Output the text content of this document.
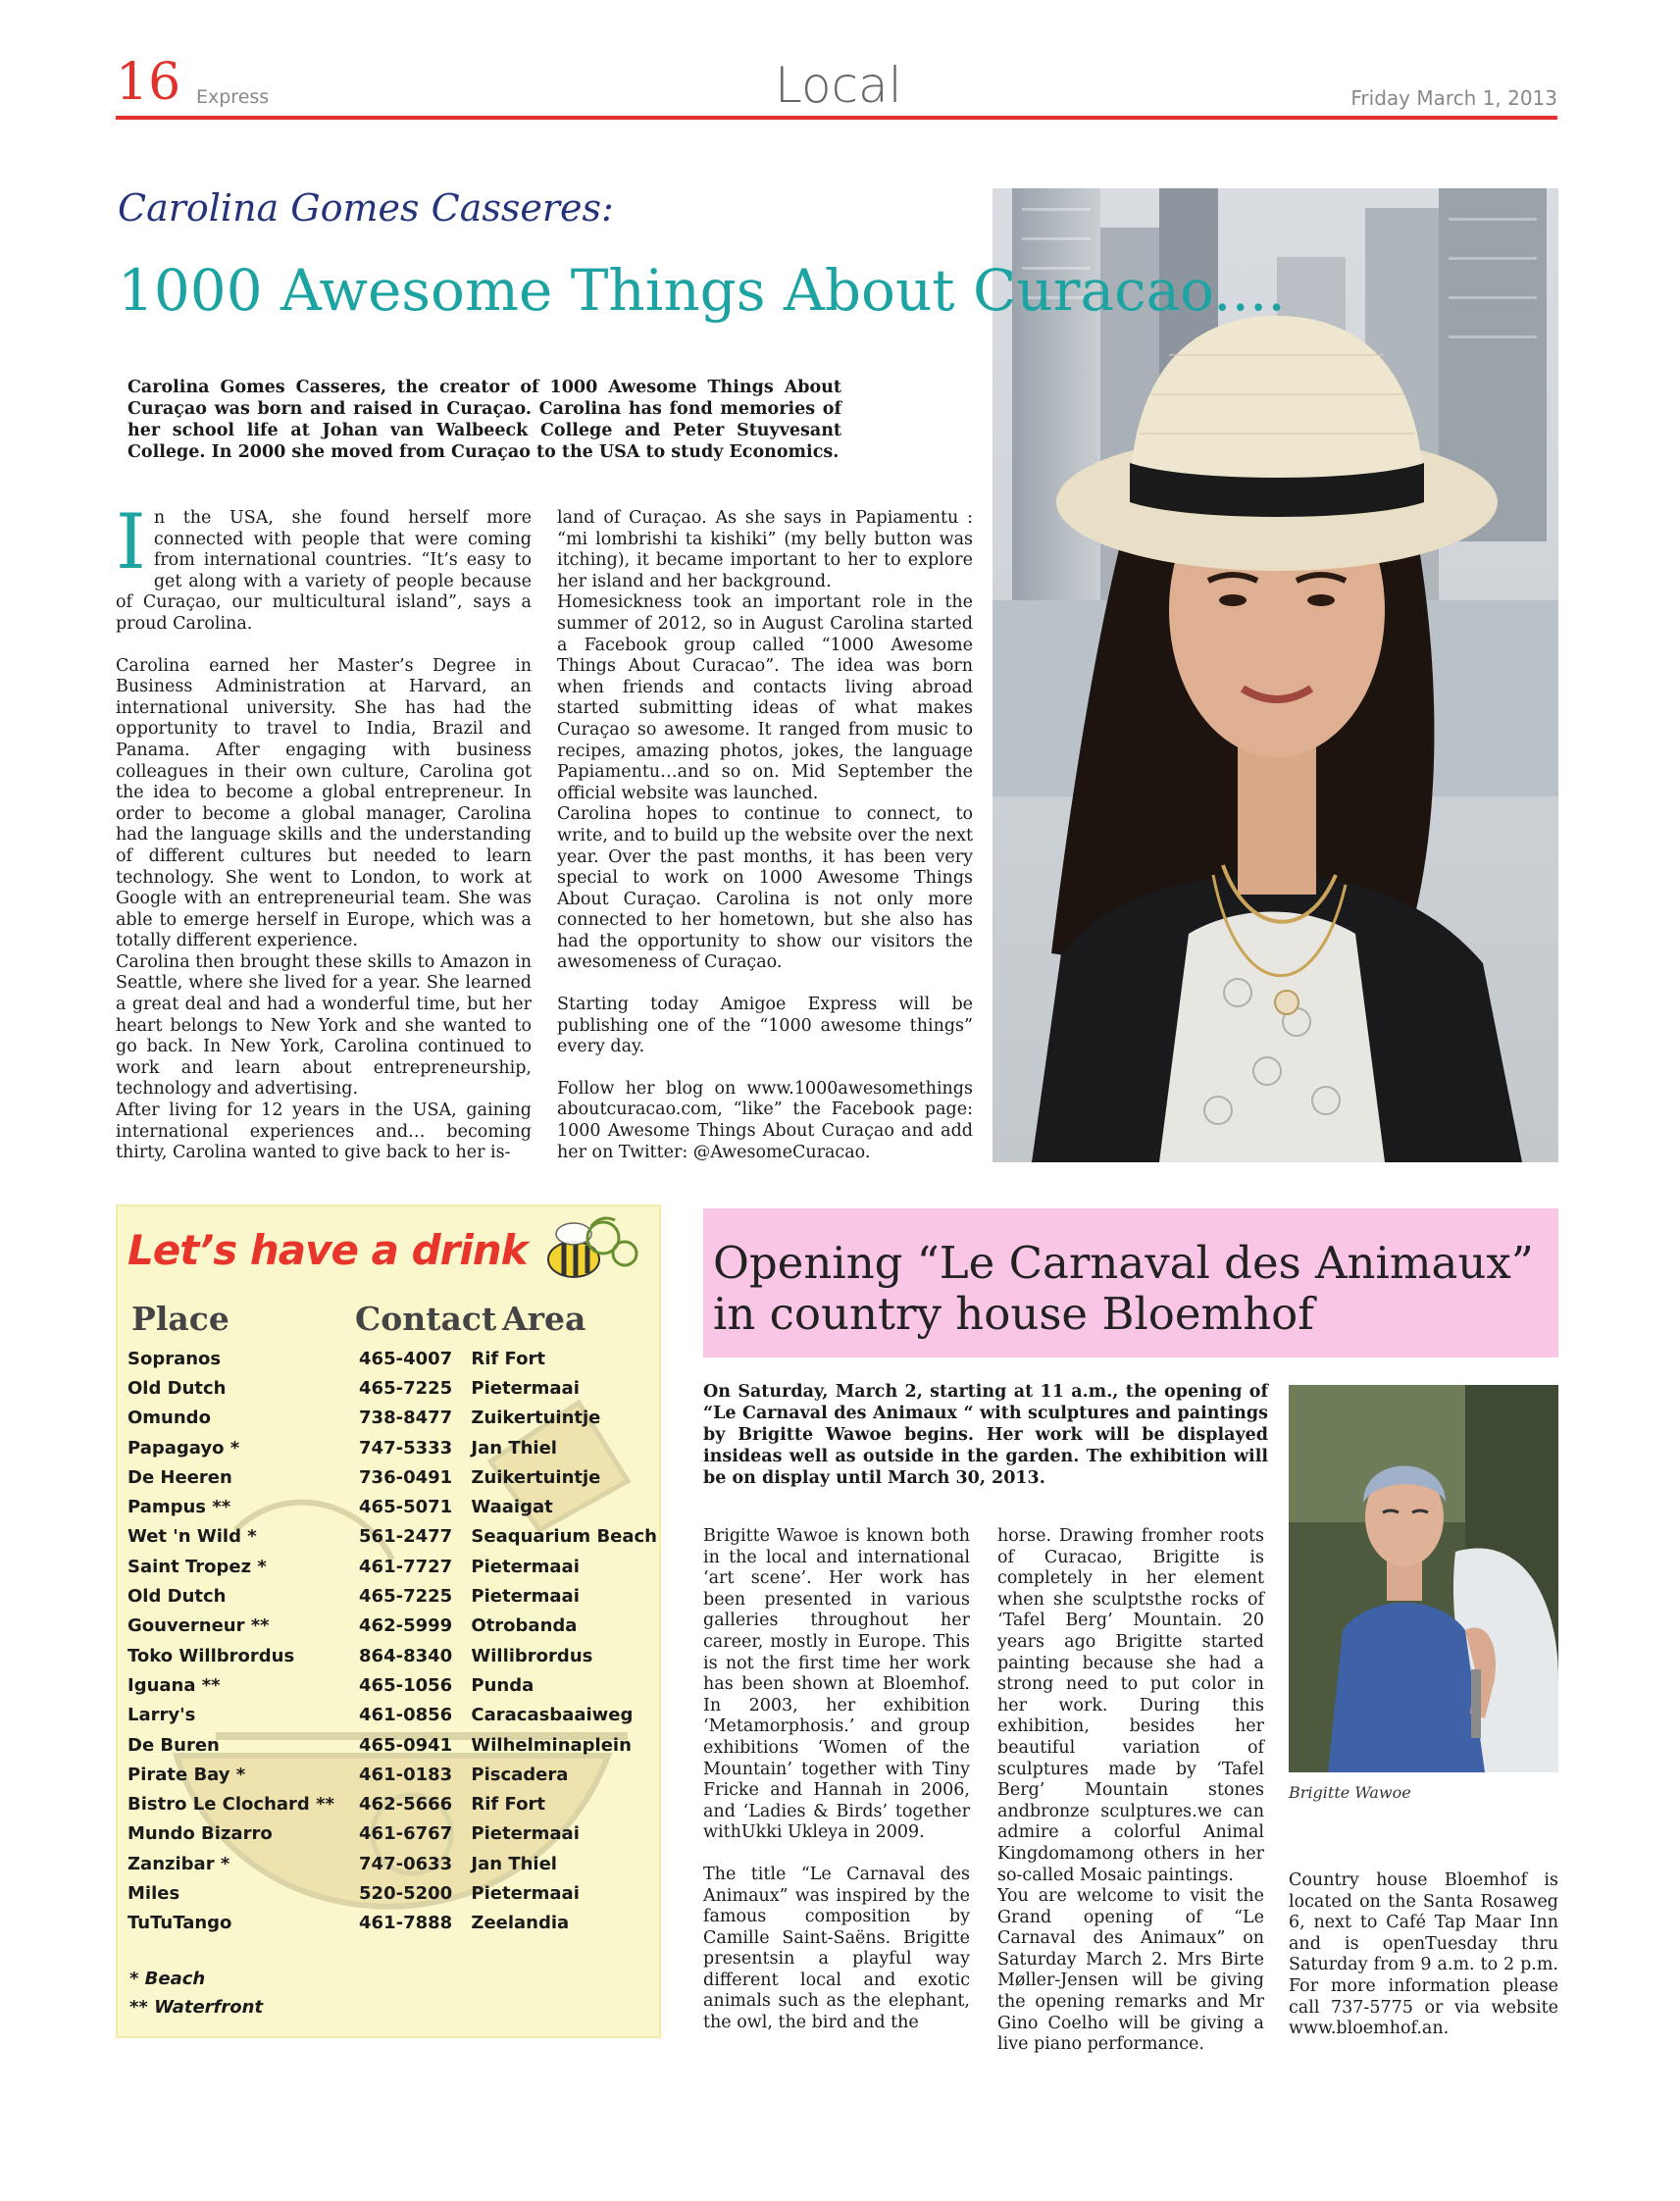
16 Express	Local	Friday March 1, 2013
Carolina Gomes Casseres:
1000 Awesome Things About Curacao....
Carolina Gomes Casseres, the creator of 1000 Awesome Things About Curaçao was born and raised in Curaçao. Carolina has fond memories of her school life at Johan van Walbeeck College and Peter Stuyvesant College. In 2000 she moved from Curaçao to the USA to study Economics.

In the USA, she found herself more connected with people that were coming from international countries. “It’s easy to get along with a variety of people because of Curaçao, our multicultural island”, says a proud Carolina.

Carolina earned her Master’s Degree in Business Administration at Harvard, an international university. She has had the opportunity to travel to India, Brazil and Panama. After engaging with business colleagues in their own culture, Carolina got the idea to become a global entrepreneur. In order to become a global manager, Carolina had the language skills and the understanding of different cultures but needed to learn technology. She went to London, to work at Google with an entrepreneurial team. She was able to emerge herself in Europe, which was a totally different experience.

Carolina then brought these skills to Amazon in Seattle, where she lived for a year. She learned a great deal and had a wonderful time, but her heart belongs to New York and she wanted to go back. In New York, Carolina continued to work and learn about entrepreneurship, technology and advertising.

After living for 12 years in the USA, gaining international experiences and… becoming thirty, Carolina wanted to give back to her is-

land of Curaçao. As she says in Papiamentu : “mi lombrishi ta kishiki” (my belly button was itching), it became important to her to explore her island and her background.

Homesickness took an important role in the summer of 2012, so in August Carolina started a Facebook group called “1000 Awesome Things About Curacao”. The idea was born when friends and contacts living abroad started submitting ideas of what makes Curaçao so awesome. It ranged from music to recipes, amazing photos, jokes, the language Papiamentu…and so on. Mid September the official website was launched.

Carolina hopes to continue to connect, to write, and to build up the website over the next year. Over the past months, it has been very special to work on 1000 Awesome Things About Curaçao. Carolina is not only more connected to her hometown, but she also has had the opportunity to show our visitors the awesomeness of Curaçao.

Starting today Amigoe Express will be publishing one of the “1000 awesome things” every day.

Follow her blog on www.1000awesomethings aboutcuracao.com, “like” the Facebook page: 1000 Awesome Things About Curaçao and add her on Twitter: @AwesomeCuracao.

Let’s have a drink
Place	Contact Area
Sopranos	465-4007	Rif Fort
Old Dutch	465-7225	Pietermaai
Omundo	738-8477	Zuikertuintje
Papagayo *	747-5333	Jan Thiel
De Heeren	736-0491	Zuikertuintje
Pampus **	465-5071	Waaigat
Wet 'n Wild *	561-2477	Seaquarium Beach
Saint Tropez *	461-7727	Pietermaai
Old Dutch	465-7225	Pietermaai
Gouverneur **	462-5999	Otrobanda
Toko Willbrordus	864-8340	Willibrordus
Iguana **	465-1056	Punda
Larry's	461-0856	Caracasbaaiweg
De Buren	465-0941	Wilhelminaplein
Pirate Bay *	461-0183	Piscadera
Bistro Le Clochard **	462-5666	Rif Fort
Mundo Bizarro	461-6767	Pietermaai
Zanzibar *	747-0633	Jan Thiel
Miles	520-5200	Pietermaai
TuTuTango	461-7888	Zeelandia
* Beach
** Waterfront
Opening “Le Carnaval des Animaux” in country house Bloemhof
On Saturday, March 2, starting at 11 a.m., the opening of “Le Carnaval des Animaux “ with sculptures and paintings by Brigitte Wawoe begins. Her work will be displayed insideas well as outside in the garden. The exhibition will be on display until March 30, 2013.

Brigitte Wawoe is known both in the local and international ‘art scene’. Her work has been presented in various galleries throughout her career, mostly in Europe. This is not the first time her work has been shown at Bloemhof. In 2003, her exhibition ‘Metamorphosis.’ and group exhibitions ‘Women of the Mountain’ together with Tiny Fricke and Hannah in 2006, and ‘Ladies & Birds’ together withUkki Ukleya in 2009.

The title “Le Carnaval des Animaux” was inspired by the famous composition by Camille Saint-Saëns. Brigitte presentsin a playful way different local and exotic animals such as the elephant, the owl, the bird and the

horse. Drawing fromher roots of Curacao, Brigitte is completely in her element when she sculptsthe rocks of ‘Tafel Berg’ Mountain. 20 years ago Brigitte started painting because she had a strong need to put color in her work. During this exhibition, besides her beautiful variation of sculptures made by ‘Tafel Berg’ Mountain stones andbronze sculptures.we can admire a colorful Animal Kingdomamong others in her so-called Mosaic paintings.

You are welcome to visit the Grand opening of “Le Carnaval des Animaux” on Saturday March 2. Mrs Birte Møller-Jensen will be giving the opening remarks and Mr Gino Coelho will be giving a live piano performance.

Brigitte Wawoe

Country house Bloemhof is located on the Santa Rosaweg 6, next to Café Tap Maar Inn and is openTuesday thru Saturday from 9 a.m. to 2 p.m. For more information please call 737-5775 or via website www.bloemhof.an.
